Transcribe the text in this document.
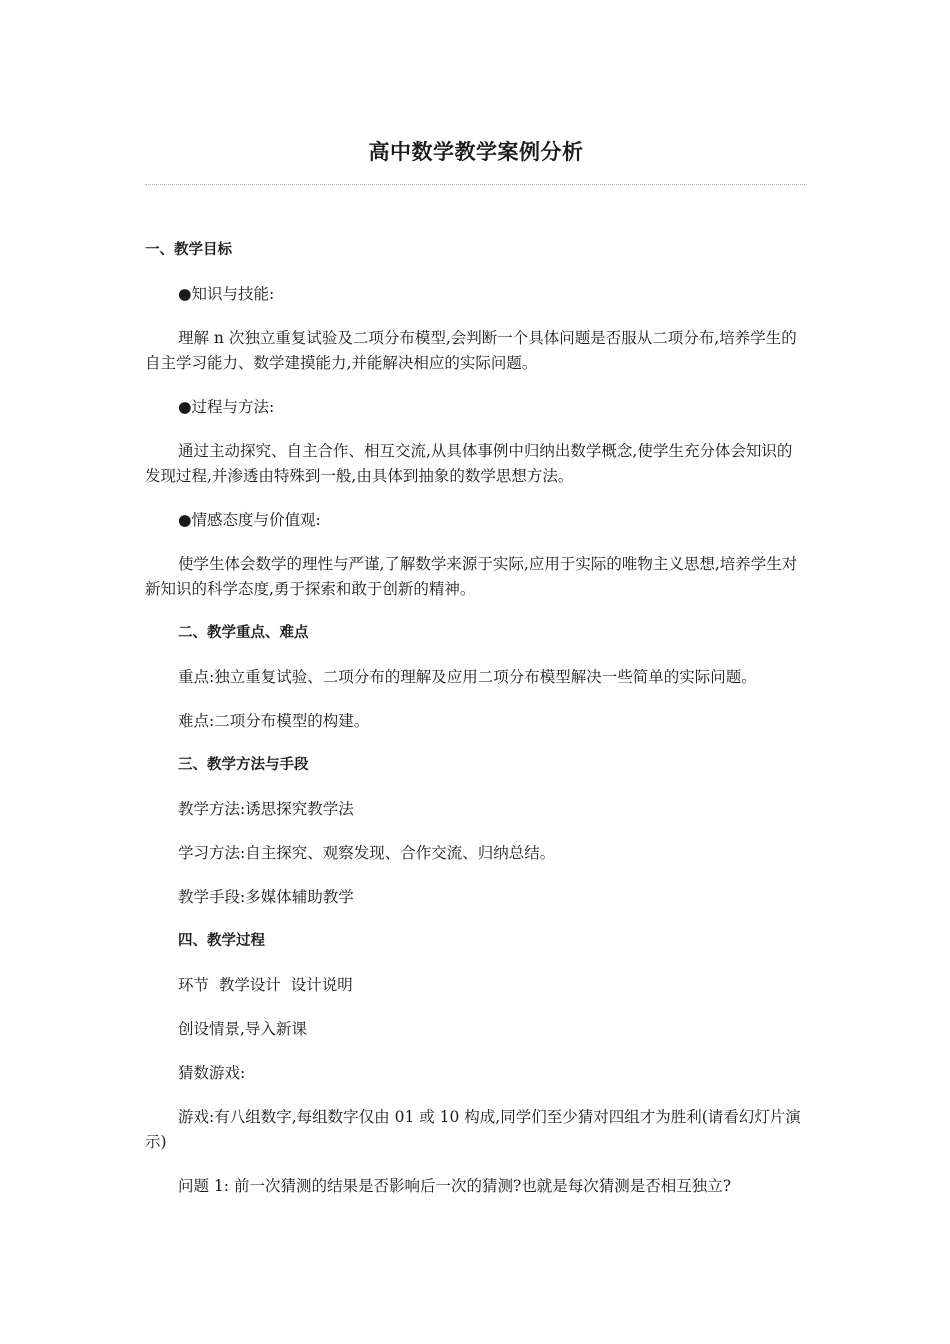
高中数学教学案例分析

一、教学目标

●知识与技能:

理解 n 次独立重复试验及二项分布模型,会判断一个具体问题是否服从二项分布,培养学生的自主学习能力、数学建摸能力,并能解决相应的实际问题。

●过程与方法:

通过主动探究、自主合作、相互交流,从具体事例中归纳出数学概念,使学生充分体会知识的发现过程,并渗透由特殊到一般,由具体到抽象的数学思想方法。

●情感态度与价值观:

使学生体会数学的理性与严谨,了解数学来源于实际,应用于实际的唯物主义思想,培养学生对新知识的科学态度,勇于探索和敢于创新的精神。

二、教学重点、难点

重点:独立重复试验、二项分布的理解及应用二项分布模型解决一些简单的实际问题。

难点:二项分布模型的构建。

三、教学方法与手段

教学方法:诱思探究教学法

学习方法:自主探究、观察发现、合作交流、归纳总结。

教学手段:多媒体辅助教学

四、教学过程

环节  教学设计  设计说明

创设情景,导入新课

猜数游戏:

游戏:有八组数字,每组数字仅由 01 或 10 构成,同学们至少猜对四组才为胜利(请看幻灯片演示)

问题 1: 前一次猜测的结果是否影响后一次的猜测?也就是每次猜测是否相互独立?
